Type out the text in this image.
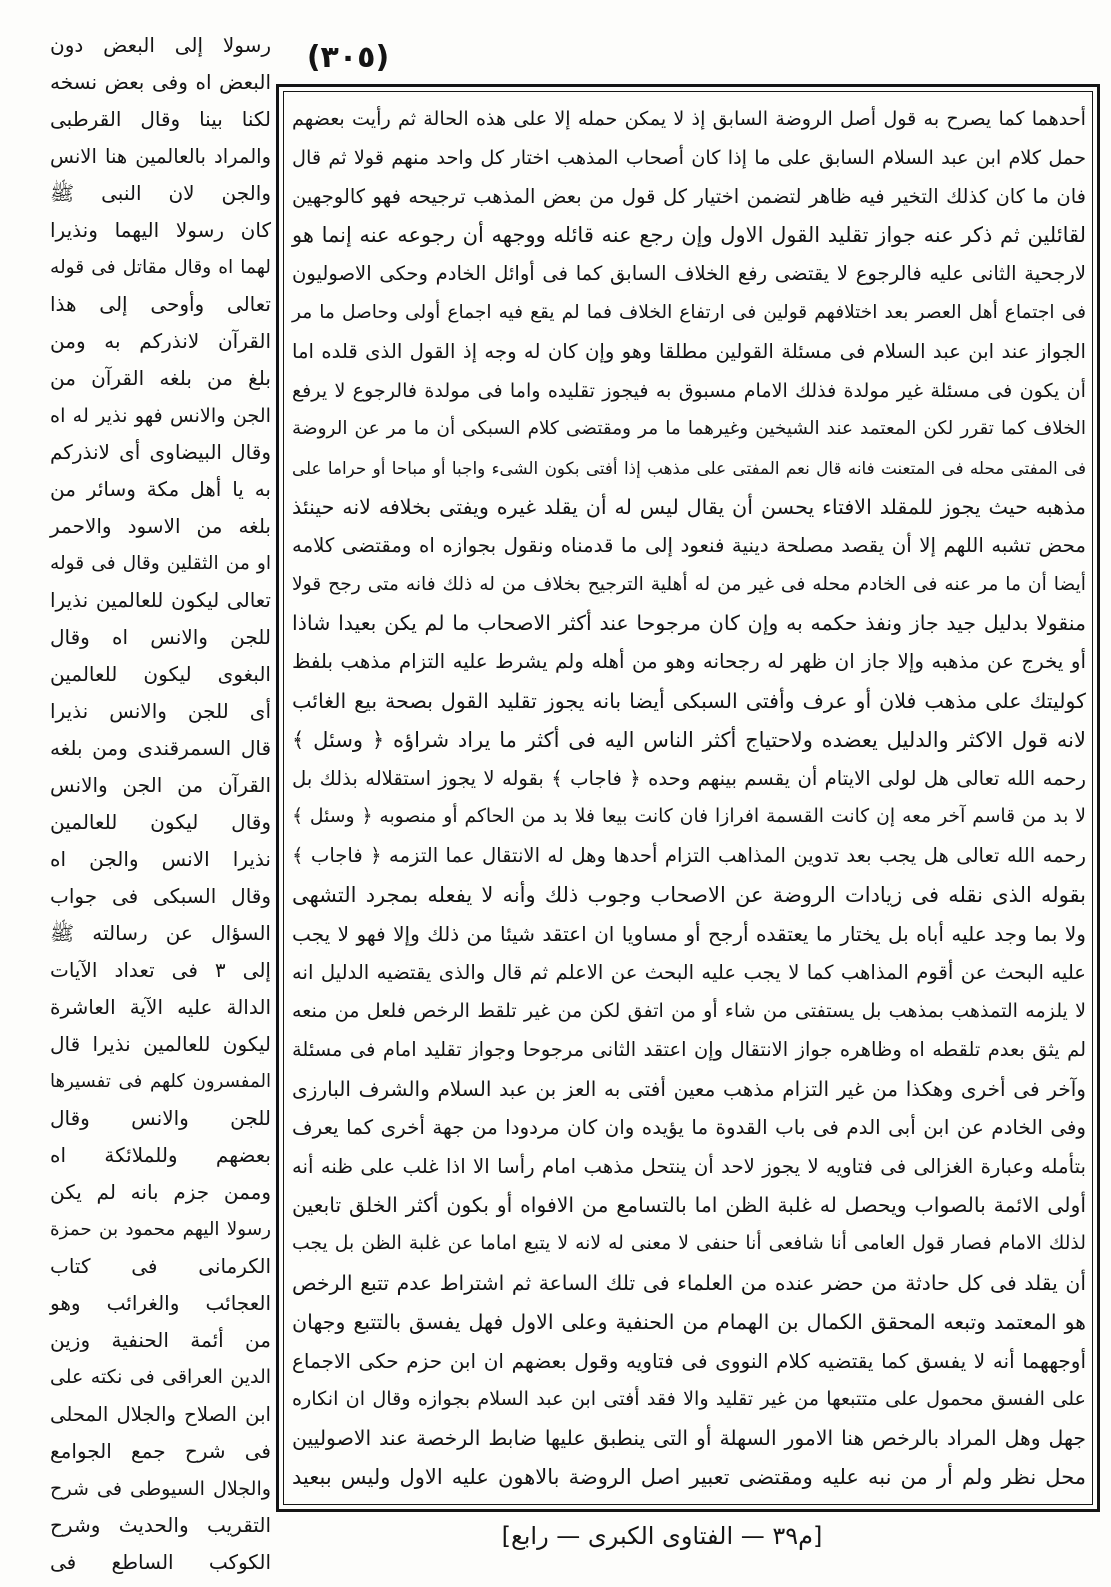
(٣٠٥)
أحدهما كما يصرح به قول أصل الروضة السابق إذ لا يمكن حمله إلا على هذه الحالة ثم رأيت بعضهم
حمل كلام ابن عبد السلام السابق على ما إذا كان أصحاب المذهب اختار كل واحد منهم قولا ثم قال
فان ما كان كذلك التخير فيه ظاهر لتضمن اختيار كل قول من بعض المذهب ترجيحه فهو كالوجهين
لقائلين ثم ذكر عنه جواز تقليد القول الاول وإن رجع عنه قائله ووجهه أن رجوعه عنه إنما هو
لارجحية الثانى عليه فالرجوع لا يقتضى رفع الخلاف السابق كما فى أوائل الخادم وحكى الاصوليون
فى اجتماع أهل العصر بعد اختلافهم قولين فى ارتفاع الخلاف فما لم يقع فيه اجماع أولى وحاصل ما مر
الجواز عند ابن عبد السلام فى مسئلة القولين مطلقا وهو وإن كان له وجه إذ القول الذى قلده اما
أن يكون فى مسئلة غير مولدة فذلك الامام مسبوق به فيجوز تقليده واما فى مولدة فالرجوع لا يرفع
الخلاف كما تقرر لكن المعتمد عند الشيخين وغيرهما ما مر ومقتضى كلام السبكى أن ما مر عن الروضة
فى المفتى محله فى المتعنت فانه قال نعم المفتى على مذهب إذا أفتى بكون الشىء واجبا أو مباحا أو حراما على
مذهبه حيث يجوز للمقلد الافتاء يحسن أن يقال ليس له أن يقلد غيره ويفتى بخلافه لانه حينئذ
محض تشبه اللهم إلا أن يقصد مصلحة دينية فنعود إلى ما قدمناه ونقول بجوازه اه ومقتضى كلامه
أيضا أن ما مر عنه فى الخادم محله فى غير من له أهلية الترجيح بخلاف من له ذلك فانه متى رجح قولا
منقولا بدليل جيد جاز ونفذ حكمه به وإن كان مرجوحا عند أكثر الاصحاب ما لم يكن بعيدا شاذا
أو يخرج عن مذهبه وإلا جاز ان ظهر له رجحانه وهو من أهله ولم يشرط عليه التزام مذهب بلفظ
كوليتك على مذهب فلان أو عرف وأفتى السبكى أيضا بانه يجوز تقليد القول بصحة بيع الغائب
لانه قول الاكثر والدليل يعضده ولاحتياج أكثر الناس اليه فى أكثر ما يراد شراؤه ﴿ وسئل ﴾
رحمه الله تعالى هل لولى الايتام أن يقسم بينهم وحده ﴿ فاجاب ﴾ بقوله لا يجوز استقلاله بذلك بل
لا بد من قاسم آخر معه إن كانت القسمة افرازا فان كانت بيعا فلا بد من الحاكم أو منصوبه ﴿ وسئل ﴾
رحمه الله تعالى هل يجب بعد تدوين المذاهب التزام أحدها وهل له الانتقال عما التزمه ﴿ فاجاب ﴾
بقوله الذى نقله فى زيادات الروضة عن الاصحاب وجوب ذلك وأنه لا يفعله بمجرد التشهى
ولا بما وجد عليه أباه بل يختار ما يعتقده أرجح أو مساويا ان اعتقد شيئا من ذلك وإلا فهو لا يجب
عليه البحث عن أقوم المذاهب كما لا يجب عليه البحث عن الاعلم ثم قال والذى يقتضيه الدليل انه
لا يلزمه التمذهب بمذهب بل يستفتى من شاء أو من اتفق لكن من غير تلقط الرخص فلعل من منعه
لم يثق بعدم تلقطه اه وظاهره جواز الانتقال وإن اعتقد الثانى مرجوحا وجواز تقليد امام فى مسئلة
وآخر فى أخرى وهكذا من غير التزام مذهب معين أفتى به العز بن عبد السلام والشرف البارزى
وفى الخادم عن ابن أبى الدم فى باب القدوة ما يؤيده وان كان مردودا من جهة أخرى كما يعرف
بتأمله وعبارة الغزالى فى فتاويه لا يجوز لاحد أن ينتحل مذهب امام رأسا الا اذا غلب على ظنه أنه
أولى الائمة بالصواب ويحصل له غلبة الظن اما بالتسامع من الافواه أو بكون أكثر الخلق تابعين
لذلك الامام فصار قول العامى أنا شافعى أنا حنفى لا معنى له لانه لا يتبع اماما عن غلبة الظن بل يجب
أن يقلد فى كل حادثة من حضر عنده من العلماء فى تلك الساعة ثم اشتراط عدم تتبع الرخص
هو المعتمد وتبعه المحقق الكمال بن الهمام من الحنفية وعلى الاول فهل يفسق بالتتبع وجهان
أوجههما أنه لا يفسق كما يقتضيه كلام النووى فى فتاويه وقول بعضهم ان ابن حزم حكى الاجماع
على الفسق محمول على متتبعها من غير تقليد والا فقد أفتى ابن عبد السلام بجوازه وقال ان انكاره
جهل وهل المراد بالرخص هنا الامور السهلة أو التى ينطبق عليها ضابط الرخصة عند الاصوليين
محل نظر ولم أر من نبه عليه ومقتضى تعبير اصل الروضة بالاهون عليه الاول وليس ببعيد
رسولا إلى البعض دون
البعض اه وفى بعض نسخه
لكنا بينا وقال القرطبى
والمراد بالعالمين هنا الانس
والجن لان النبى ﷺ
كان رسولا اليهما ونذيرا
لهما اه وقال مقاتل فى قوله
تعالى وأوحى إلى هذا
القرآن لانذركم به ومن
بلغ من بلغه القرآن من
الجن والانس فهو نذير له اه
وقال البيضاوى أى لانذركم
به يا أهل مكة وسائر من
بلغه من الاسود والاحمر
او من الثقلين وقال فى قوله
تعالى ليكون للعالمين نذيرا
للجن والانس اه وقال
البغوى ليكون للعالمين
أى للجن والانس نذيرا
قال السمرقندى ومن بلغه
القرآن من الجن والانس
وقال ليكون للعالمين
نذيرا الانس والجن اه
وقال السبكى فى جواب
السؤال عن رسالته ﷺ
إلى ٣ فى تعداد الآيات
الدالة عليه الآية العاشرة
ليكون للعالمين نذيرا قال
المفسرون كلهم فى تفسيرها
للجن والانس وقال
بعضهم وللملائكة اه
وممن جزم بانه لم يكن
رسولا اليهم محمود بن حمزة
الكرمانى فى كتاب
العجائب والغرائب وهو
من أئمة الحنفية وزين
الدين العراقى فى نكته على
ابن الصلاح والجلال المحلى
فى شرح جمع الجوامع
والجلال السيوطى فى شرح
التقريب والحديث وشرح
الكوكب الساطع فى
[م٣٩ — الفتاوى الكبرى — رابع]
